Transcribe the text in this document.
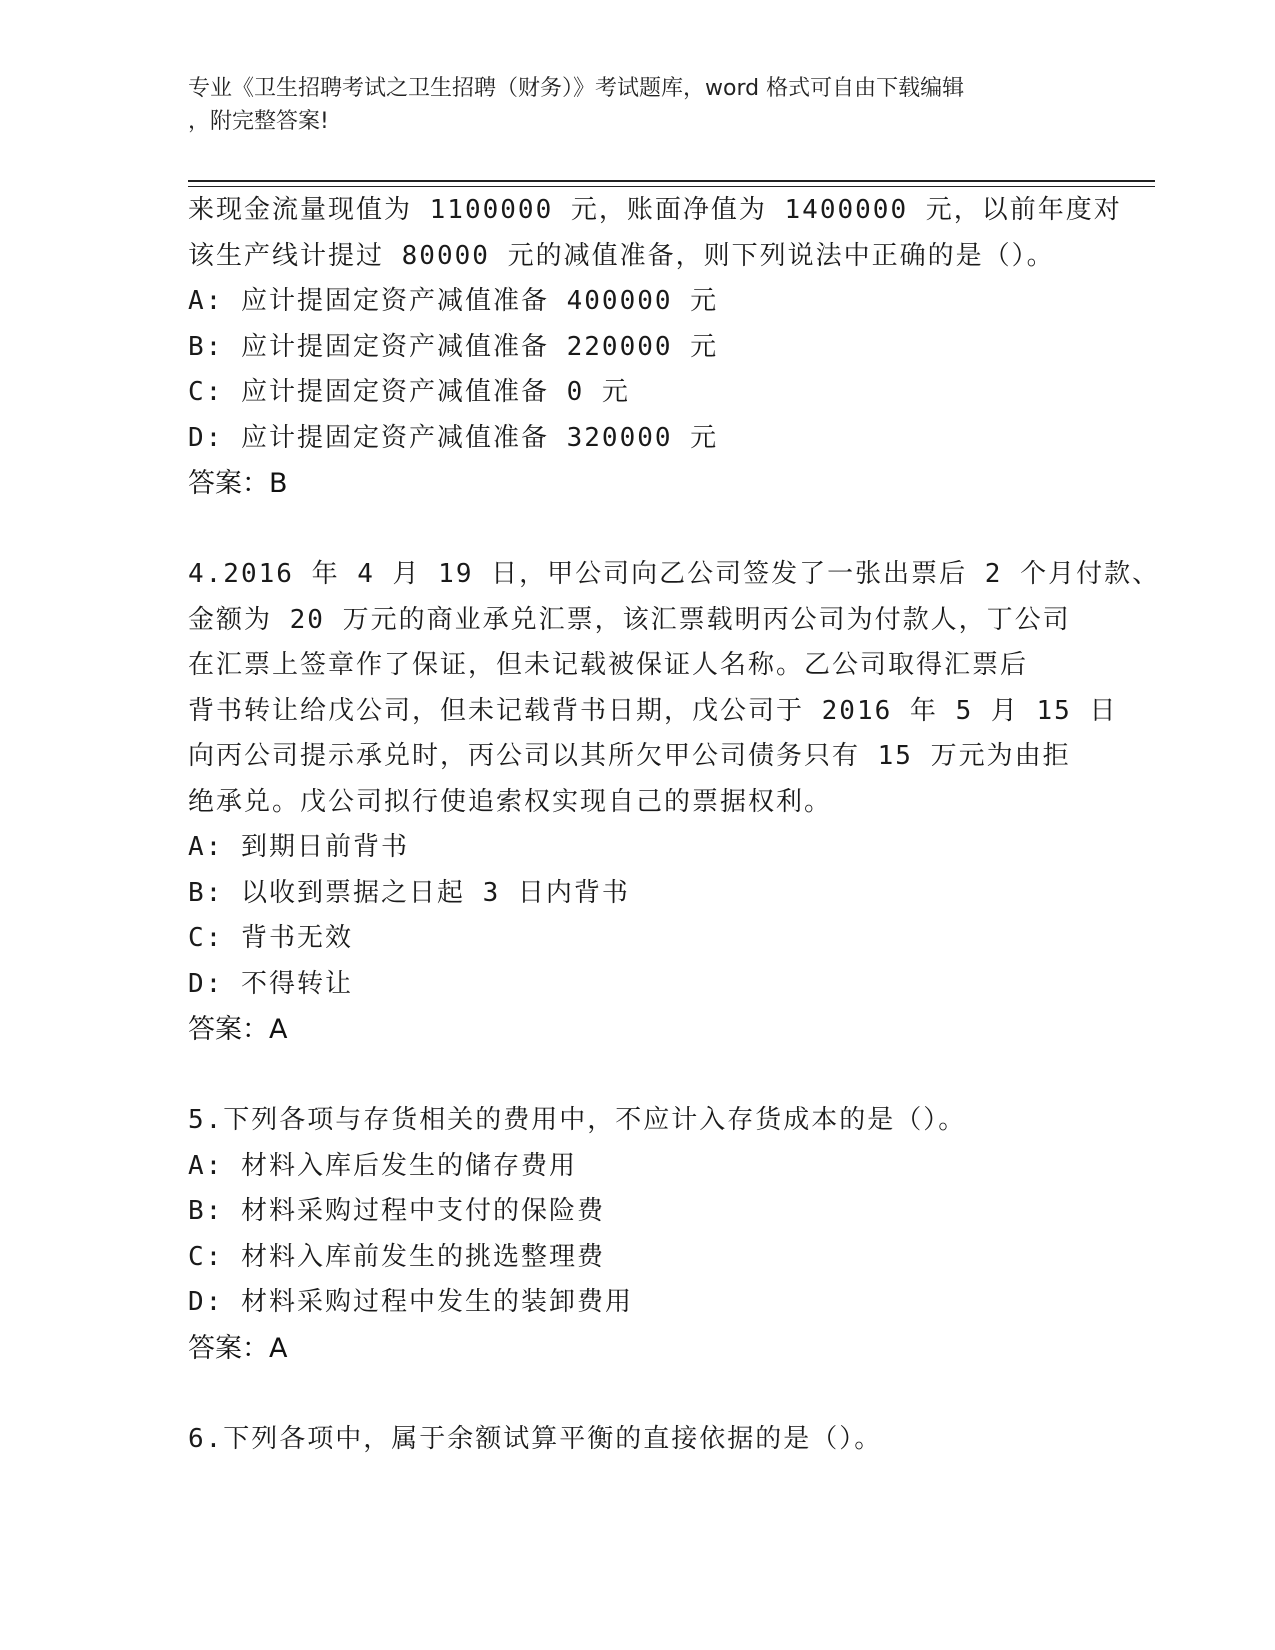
专业《卫生招聘考试之卫生招聘（财务）》考试题库，word 格式可自由下载编辑
，附完整答案!
来现金流量现值为 1100000 元，账面净值为 1400000 元，以前年度对
该生产线计提过 80000 元的减值准备，则下列说法中正确的是（）。
A: 应计提固定资产减值准备 400000 元
B: 应计提固定资产减值准备 220000 元
C: 应计提固定资产减值准备 0 元
D: 应计提固定资产减值准备 320000 元
答案：B
4.2016 年 4 月 19 日，甲公司向乙公司签发了一张出票后 2 个月付款、
金额为 20 万元的商业承兑汇票，该汇票载明丙公司为付款人，丁公司
在汇票上签章作了保证，但未记载被保证人名称。乙公司取得汇票后
背书转让给戊公司，但未记载背书日期，戊公司于 2016 年 5 月 15 日
向丙公司提示承兑时，丙公司以其所欠甲公司债务只有 15 万元为由拒
绝承兑。戊公司拟行使追索权实现自己的票据权利。
A: 到期日前背书
B: 以收到票据之日起 3 日内背书
C: 背书无效
D: 不得转让
答案：A
5.下列各项与存货相关的费用中，不应计入存货成本的是（）。
A: 材料入库后发生的储存费用
B: 材料采购过程中支付的保险费
C: 材料入库前发生的挑选整理费
D: 材料采购过程中发生的装卸费用
答案：A
6.下列各项中，属于余额试算平衡的直接依据的是（）。
